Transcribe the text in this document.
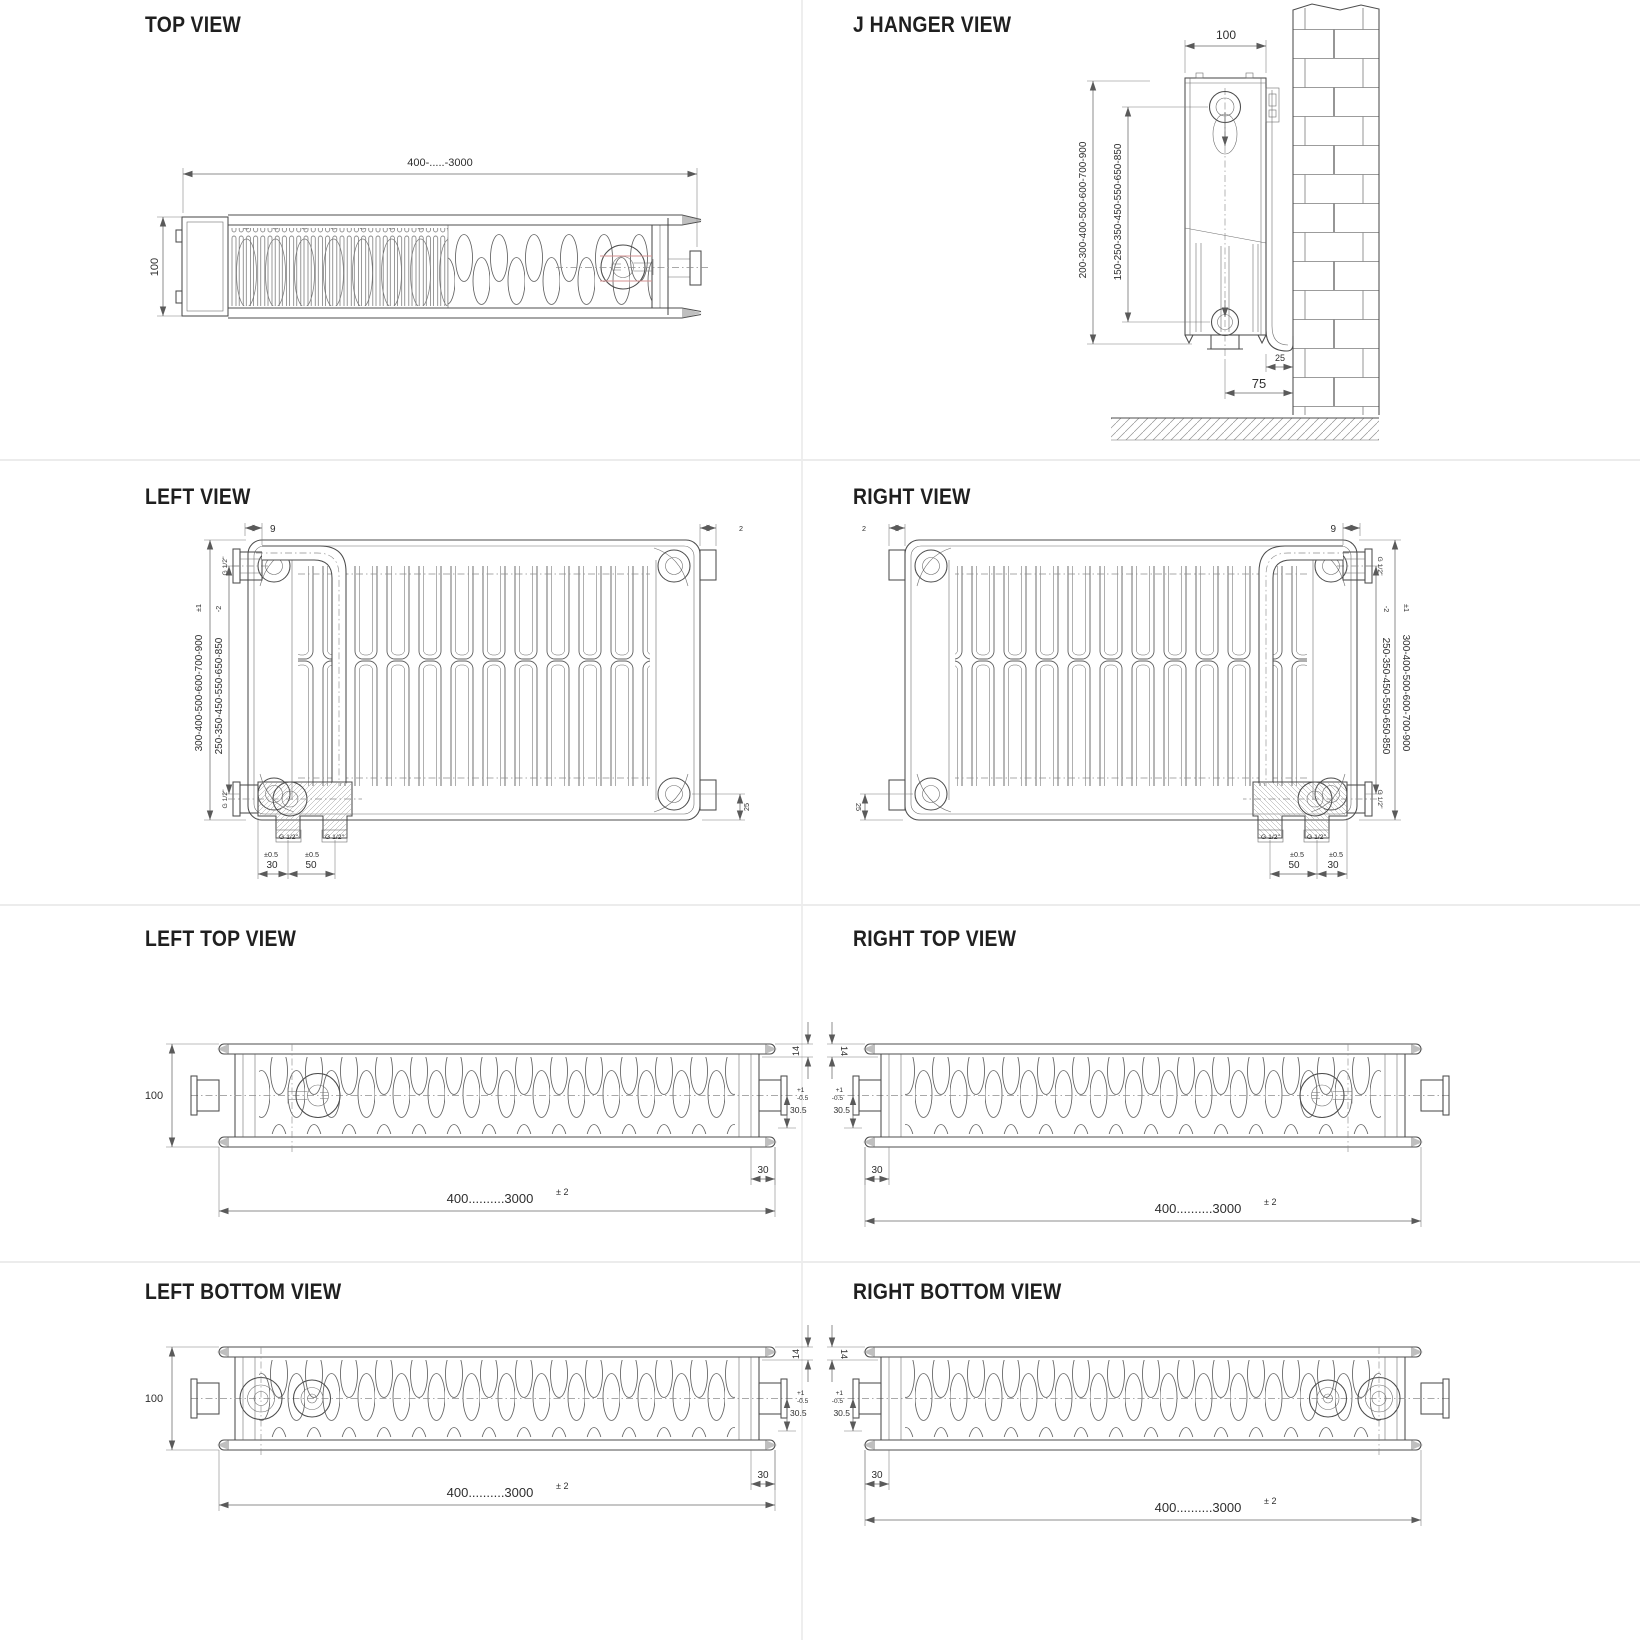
TOP VIEW	J HANGER VIEW
LEFT VIEW	RIGHT VIEW
LEFT TOP VIEW	RIGHT TOP VIEW
LEFT BOTTOM VIEW	RIGHT BOTTOM VIEW
400-.....-3000
100
100
200-300-400-500-600-700-900 150-250-350-450-550-650-850
25
75
9	2
±1
300-400-500-600-700-900
-2
250-350-450-550-650-850
G 1/2"
G 1/2"
G 1/2"	G 1/2"
±0.5
30
±0.5
50
25
9
2
±1
300-400-500-600-700-900
-2
250-350-450-550-650-850
G 1/2"
G 1/2"
G 1/2"
G 1/2"
±0.5
50
±0.5
30
25
100
14
+1
-0.5
30.5
30
400..........3000	± 2
14
+1
-0.5
30.5
30
400..........3000	± 2
100
14
+1
-0.5
30.5
30
400..........3000	± 2
14
+1
-0.5
30.5
30
400..........3000	± 2
